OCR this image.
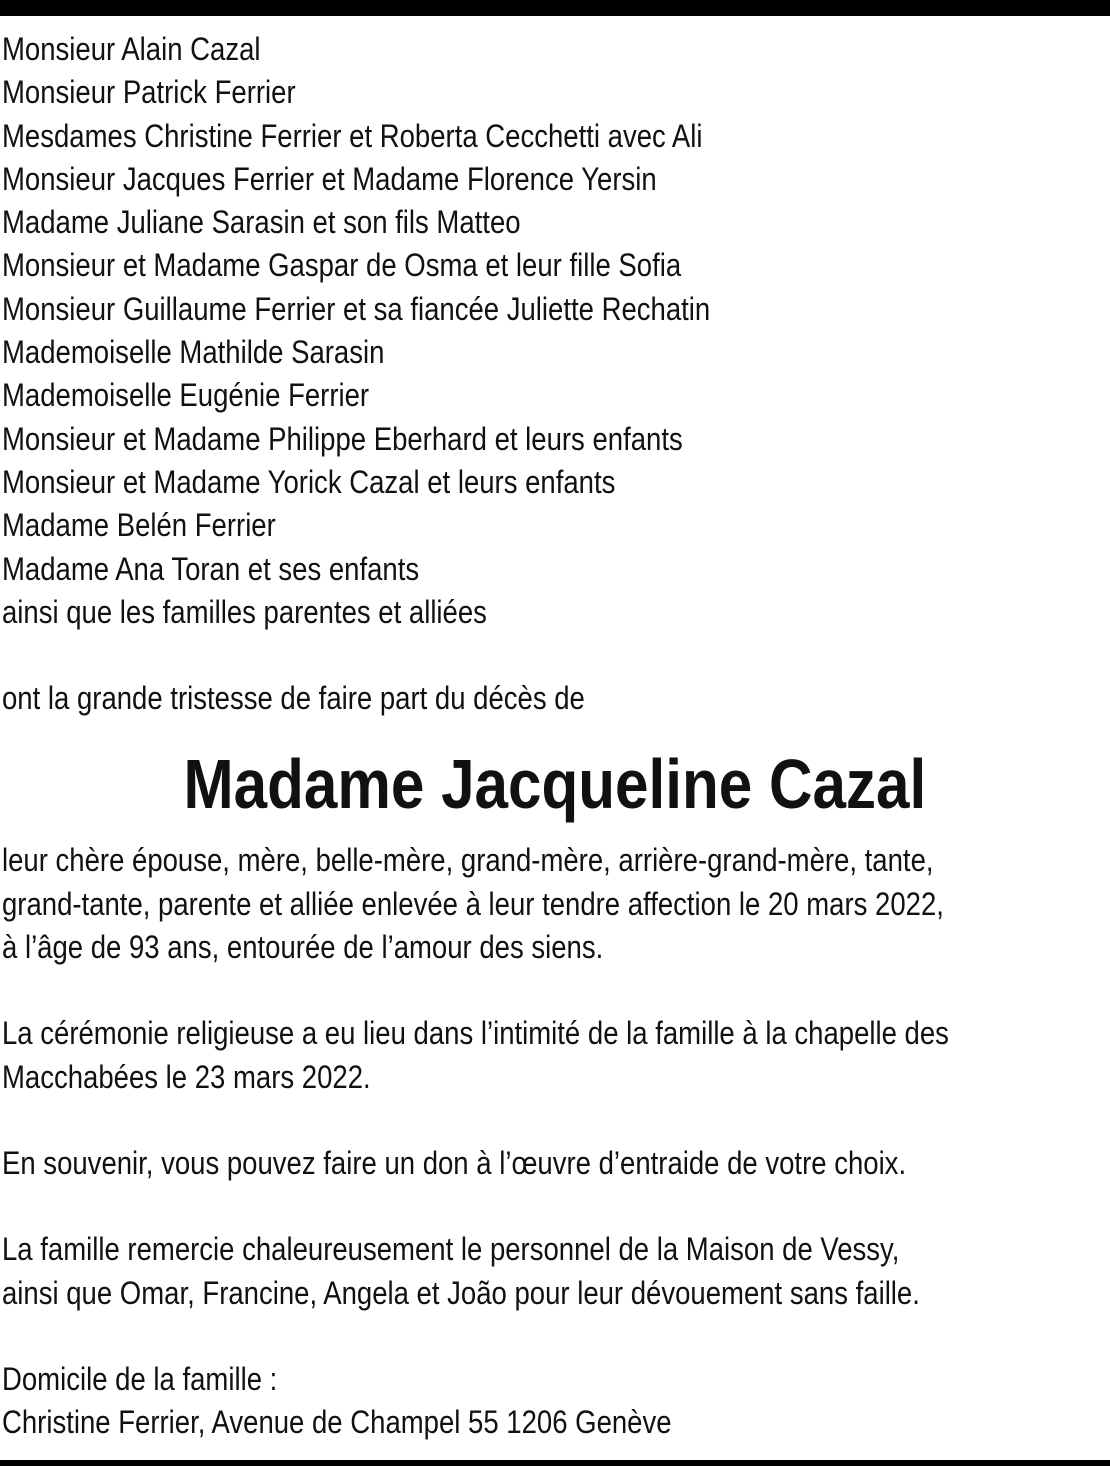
Monsieur Alain Cazal
Monsieur Patrick Ferrier
Mesdames Christine Ferrier et Roberta Cecchetti avec Ali
Monsieur Jacques Ferrier et Madame Florence Yersin
Madame Juliane Sarasin et son fils Matteo
Monsieur et Madame Gaspar de Osma et leur fille Sofia
Monsieur Guillaume Ferrier et sa fiancée Juliette Rechatin
Mademoiselle Mathilde Sarasin
Mademoiselle Eugénie Ferrier
Monsieur et Madame Philippe Eberhard et leurs enfants
Monsieur et Madame Yorick Cazal et leurs enfants
Madame Belén Ferrier
Madame Ana Toran et ses enfants
ainsi que les familles parentes et alliées
ont la grande tristesse de faire part du décès de
Madame Jacqueline Cazal
leur chère épouse, mère, belle-mère, grand-mère, arrière-grand-mère, tante,
grand-tante, parente et alliée enlevée à leur tendre affection le 20 mars 2022,
à l’âge de 93 ans, entourée de l’amour des siens.
La cérémonie religieuse a eu lieu dans l’intimité de la famille à la chapelle des
Macchabées le 23 mars 2022.
En souvenir, vous pouvez faire un don à l’œuvre d’entraide de votre choix.
La famille remercie chaleureusement le personnel de la Maison de Vessy,
ainsi que Omar, Francine, Angela et João pour leur dévouement sans faille.
Domicile de la famille :
Christine Ferrier, Avenue de Champel 55 1206 Genève
